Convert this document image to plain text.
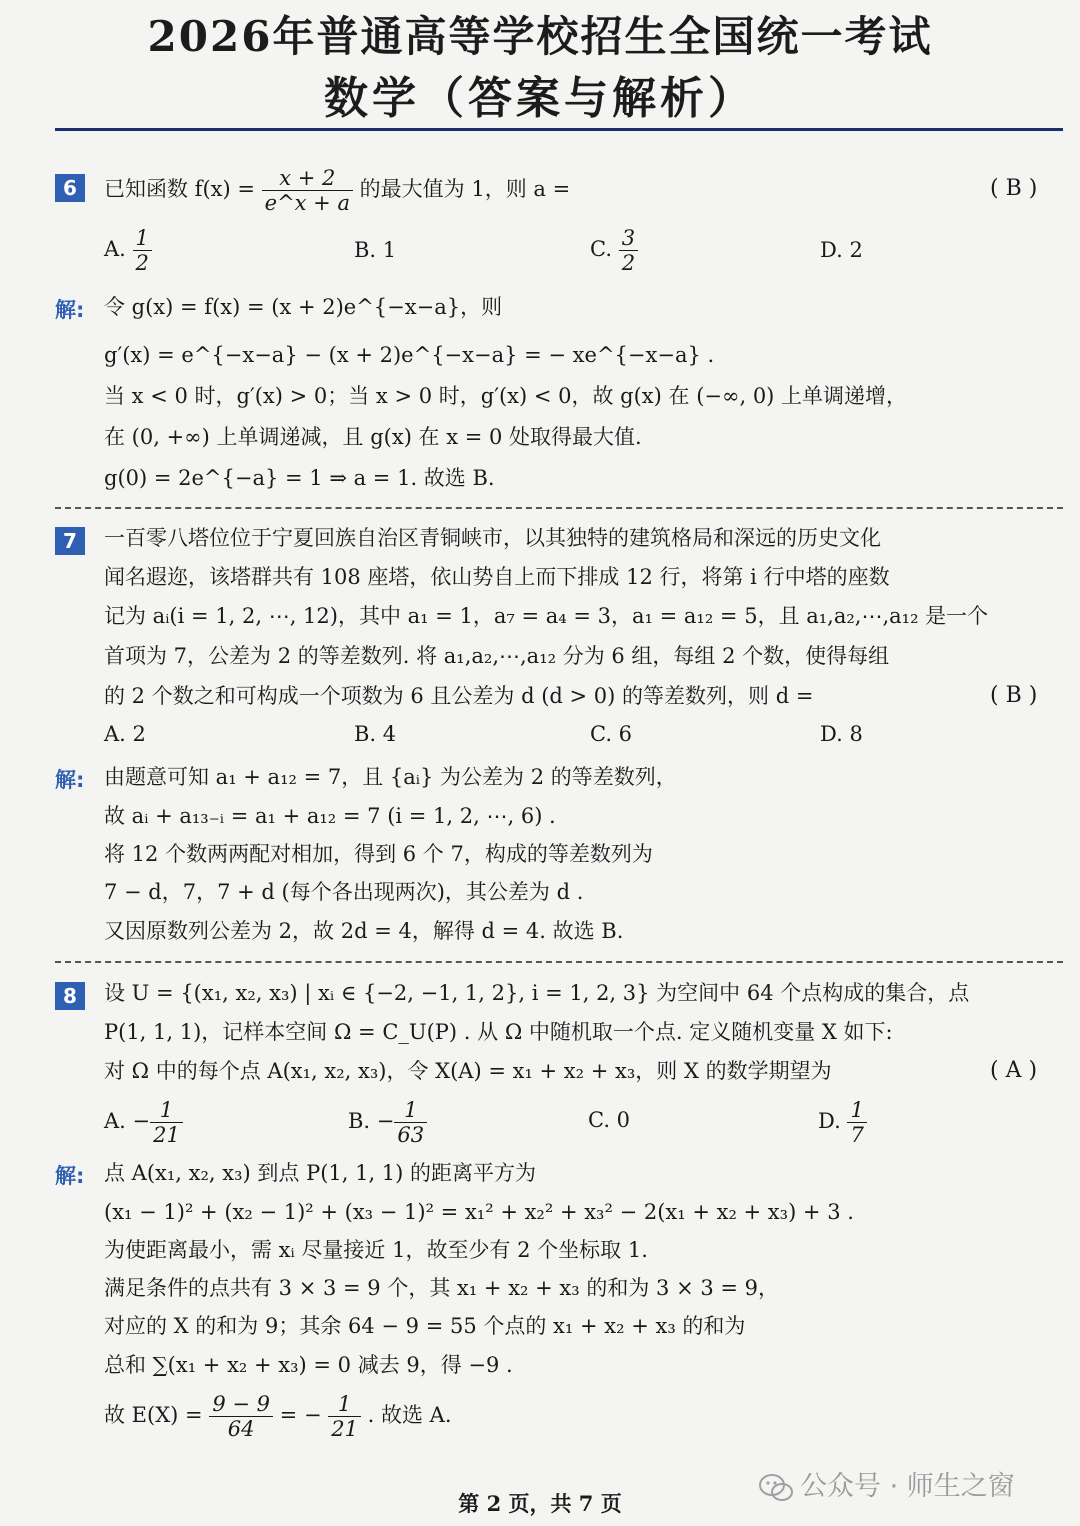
2026年普通高等学校招生全国统一考试
数学（答案与解析）
6	已知函数 $f(x) = \frac{x + 2}{e\^{}x + a}$ 的最大值为 1，则 a =	( B )
A. $\frac{1}{2}$	B. 1	C. $\frac{3}{2}$	D. 2
解: 令 g(x) = f(x) = (x + 2)e^{−x−a}，则
g′(x) = e^{−x−a} − (x + 2)e^{−x−a} = − xe^{−x−a} .
当 x < 0 时，g′(x) > 0；当 x > 0 时，g′(x) < 0，故 g(x) 在 (−∞, 0) 上单调递增，
在 (0, +∞) 上单调递减，且 g(x) 在 x = 0 处取得最大值.
g(0) = 2e^{−a} = 1 ⇒ a = 1. 故选 B.
7	一百零八塔位位于宁夏回族自治区青铜峡市，以其独特的建筑格局和深远的历史文化
闻名遐迩，该塔群共有 108 座塔，依山势自上而下排成 12 行，将第 i 行中塔的座数
记为 aᵢ(i = 1, 2, ⋯, 12)，其中 a₁ = 1，a₇ = a₄ = 3，a₁ = a₁₂ = 5，且 a₁,a₂,⋯,a₁₂ 是一个
首项为 7，公差为 2 的等差数列. 将 a₁,a₂,⋯,a₁₂ 分为 6 组，每组 2 个数，使得每组
的 2 个数之和可构成一个项数为 6 且公差为 d (d > 0) 的等差数列，则 d =	( B )
A. 2	B. 4	C. 6	D. 8
解: 由题意可知 a₁ + a₁₂ = 7，且 {aᵢ} 为公差为 2 的等差数列，
故 aᵢ + a₁₃₋ᵢ = a₁ + a₁₂ = 7 (i = 1, 2, ⋯, 6) .
将 12 个数两两配对相加，得到 6 个 7，构成的等差数列为
7 − d，7，7 + d (每个各出现两次)，其公差为 d .
又因原数列公差为 2，故 2d = 4，解得 d = 4. 故选 B.
8	设 U = {(x₁, x₂, x₃) | xᵢ ∈ {−2, −1, 1, 2}, i = 1, 2, 3} 为空间中 64 个点构成的集合，点
P(1, 1, 1)，记样本空间 Ω = C_U(P) . 从 Ω 中随机取一个点. 定义随机变量 X 如下:
对 Ω 中的每个点 A(x₁, x₂, x₃)，令 X(A) = x₁ + x₂ + x₃，则 X 的数学期望为	( A )
A. − $\frac{1}{21}$	B. − $\frac{1}{63}$	C. 0	D. $\frac{1}{7}$
解: 点 A(x₁, x₂, x₃) 到点 P(1, 1, 1) 的距离平方为
(x₁ − 1)² + (x₂ − 1)² + (x₃ − 1)² = x₁² + x₂² + x₃² − 2(x₁ + x₂ + x₃) + 3 .
为使距离最小，需 xᵢ 尽量接近 1，故至少有 2 个坐标取 1.
满足条件的点共有 3 × 3 = 9 个，其 x₁ + x₂ + x₃ 的和为 3 × 3 = 9，
对应的 X 的和为 9；其余 64 − 9 = 55 个点的 x₁ + x₂ + x₃ 的和为
总和 ∑(x₁ + x₂ + x₃) = 0 减去 9，得 −9 .
故 $E(X) = \frac{9 - 9}{64}$ = − $\frac{1}{21}$ . 故选 A.
公众号 · 师生之窗
第 2 页，共 7 页
